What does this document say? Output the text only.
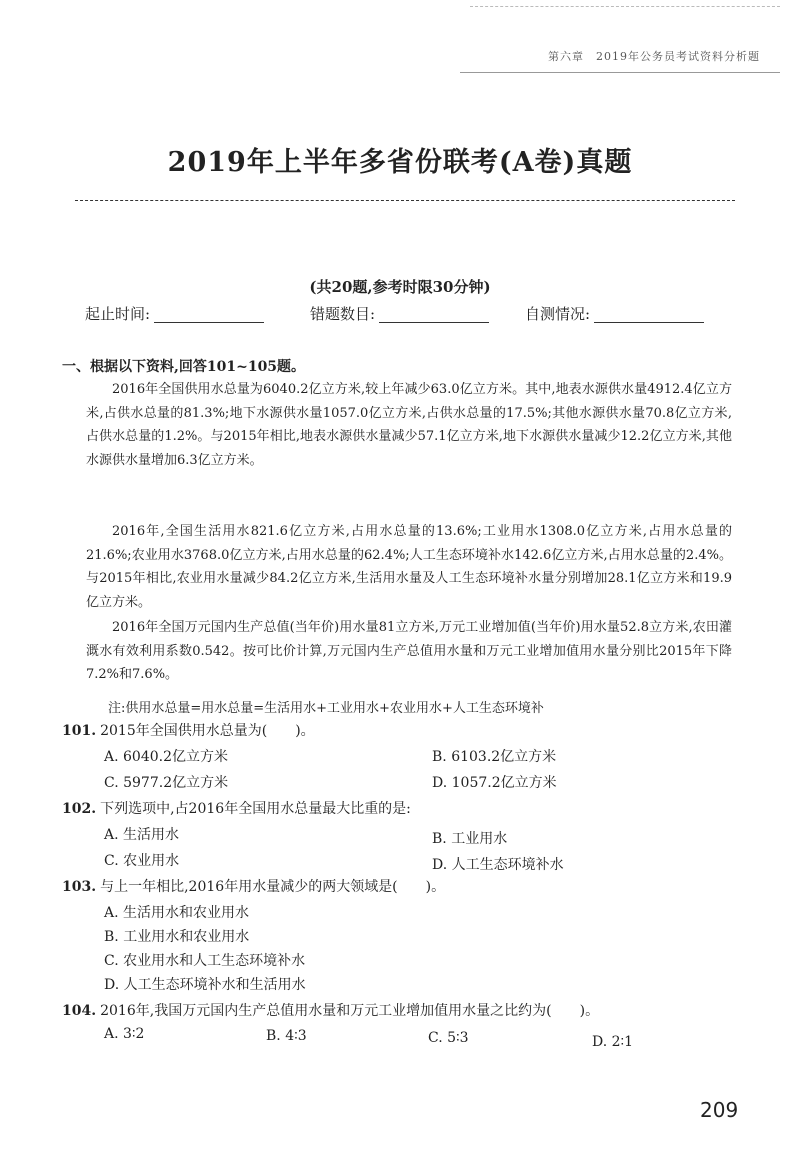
第六章　2019年公务员考试资料分析题
2019年上半年多省份联考(A卷)真题
(共20题,参考时限30分钟)
起止时间:	错题数目:	自测情况:
一、根据以下资料,回答101~105题。
2016年全国供用水总量为6040.2亿立方米,较上年减少63.0亿立方米。其中,地表水源供水量4912.4亿立方米,占供水总量的81.3%;地下水源供水量1057.0亿立方米,占供水总量的17.5%;其他水源供水量70.8亿立方米,占供水总量的1.2%。与2015年相比,地表水源供水量减少57.1亿立方米,地下水源供水量减少12.2亿立方米,其他水源供水量增加6.3亿立方米。
2016年,全国生活用水821.6亿立方米,占用水总量的13.6%;工业用水1308.0亿立方米,占用水总量的21.6%;农业用水3768.0亿立方米,占用水总量的62.4%;人工生态环境补水142.6亿立方米,占用水总量的2.4%。与2015年相比,农业用水量减少84.2亿立方米,生活用水量及人工生态环境补水量分别增加28.1亿立方米和19.9亿立方米。
2016年全国万元国内生产总值(当年价)用水量81立方米,万元工业增加值(当年价)用水量52.8立方米,农田灌溉水有效利用系数0.542。按可比价计算,万元国内生产总值用水量和万元工业增加值用水量分别比2015年下降7.2%和7.6%。
注:供用水总量=用水总量=生活用水+工业用水+农业用水+人工生态环境补
101. 2015年全国供用水总量为(　　)。
A. 6040.2亿立方米	B. 6103.2亿立方米
C. 5977.2亿立方米	D. 1057.2亿立方米
102. 下列选项中,占2016年全国用水总量最大比重的是:
A. 生活用水	B. 工业用水
C. 农业用水	D. 人工生态环境补水
103. 与上一年相比,2016年用水量减少的两大领域是(　　)。
A. 生活用水和农业用水
B. 工业用水和农业用水
C. 农业用水和人工生态环境补水
D. 人工生态环境补水和生活用水
104. 2016年,我国万元国内生产总值用水量和万元工业增加值用水量之比约为(　　)。
A. 3∶2	B. 4∶3	C. 5∶3	D. 2∶1
209
